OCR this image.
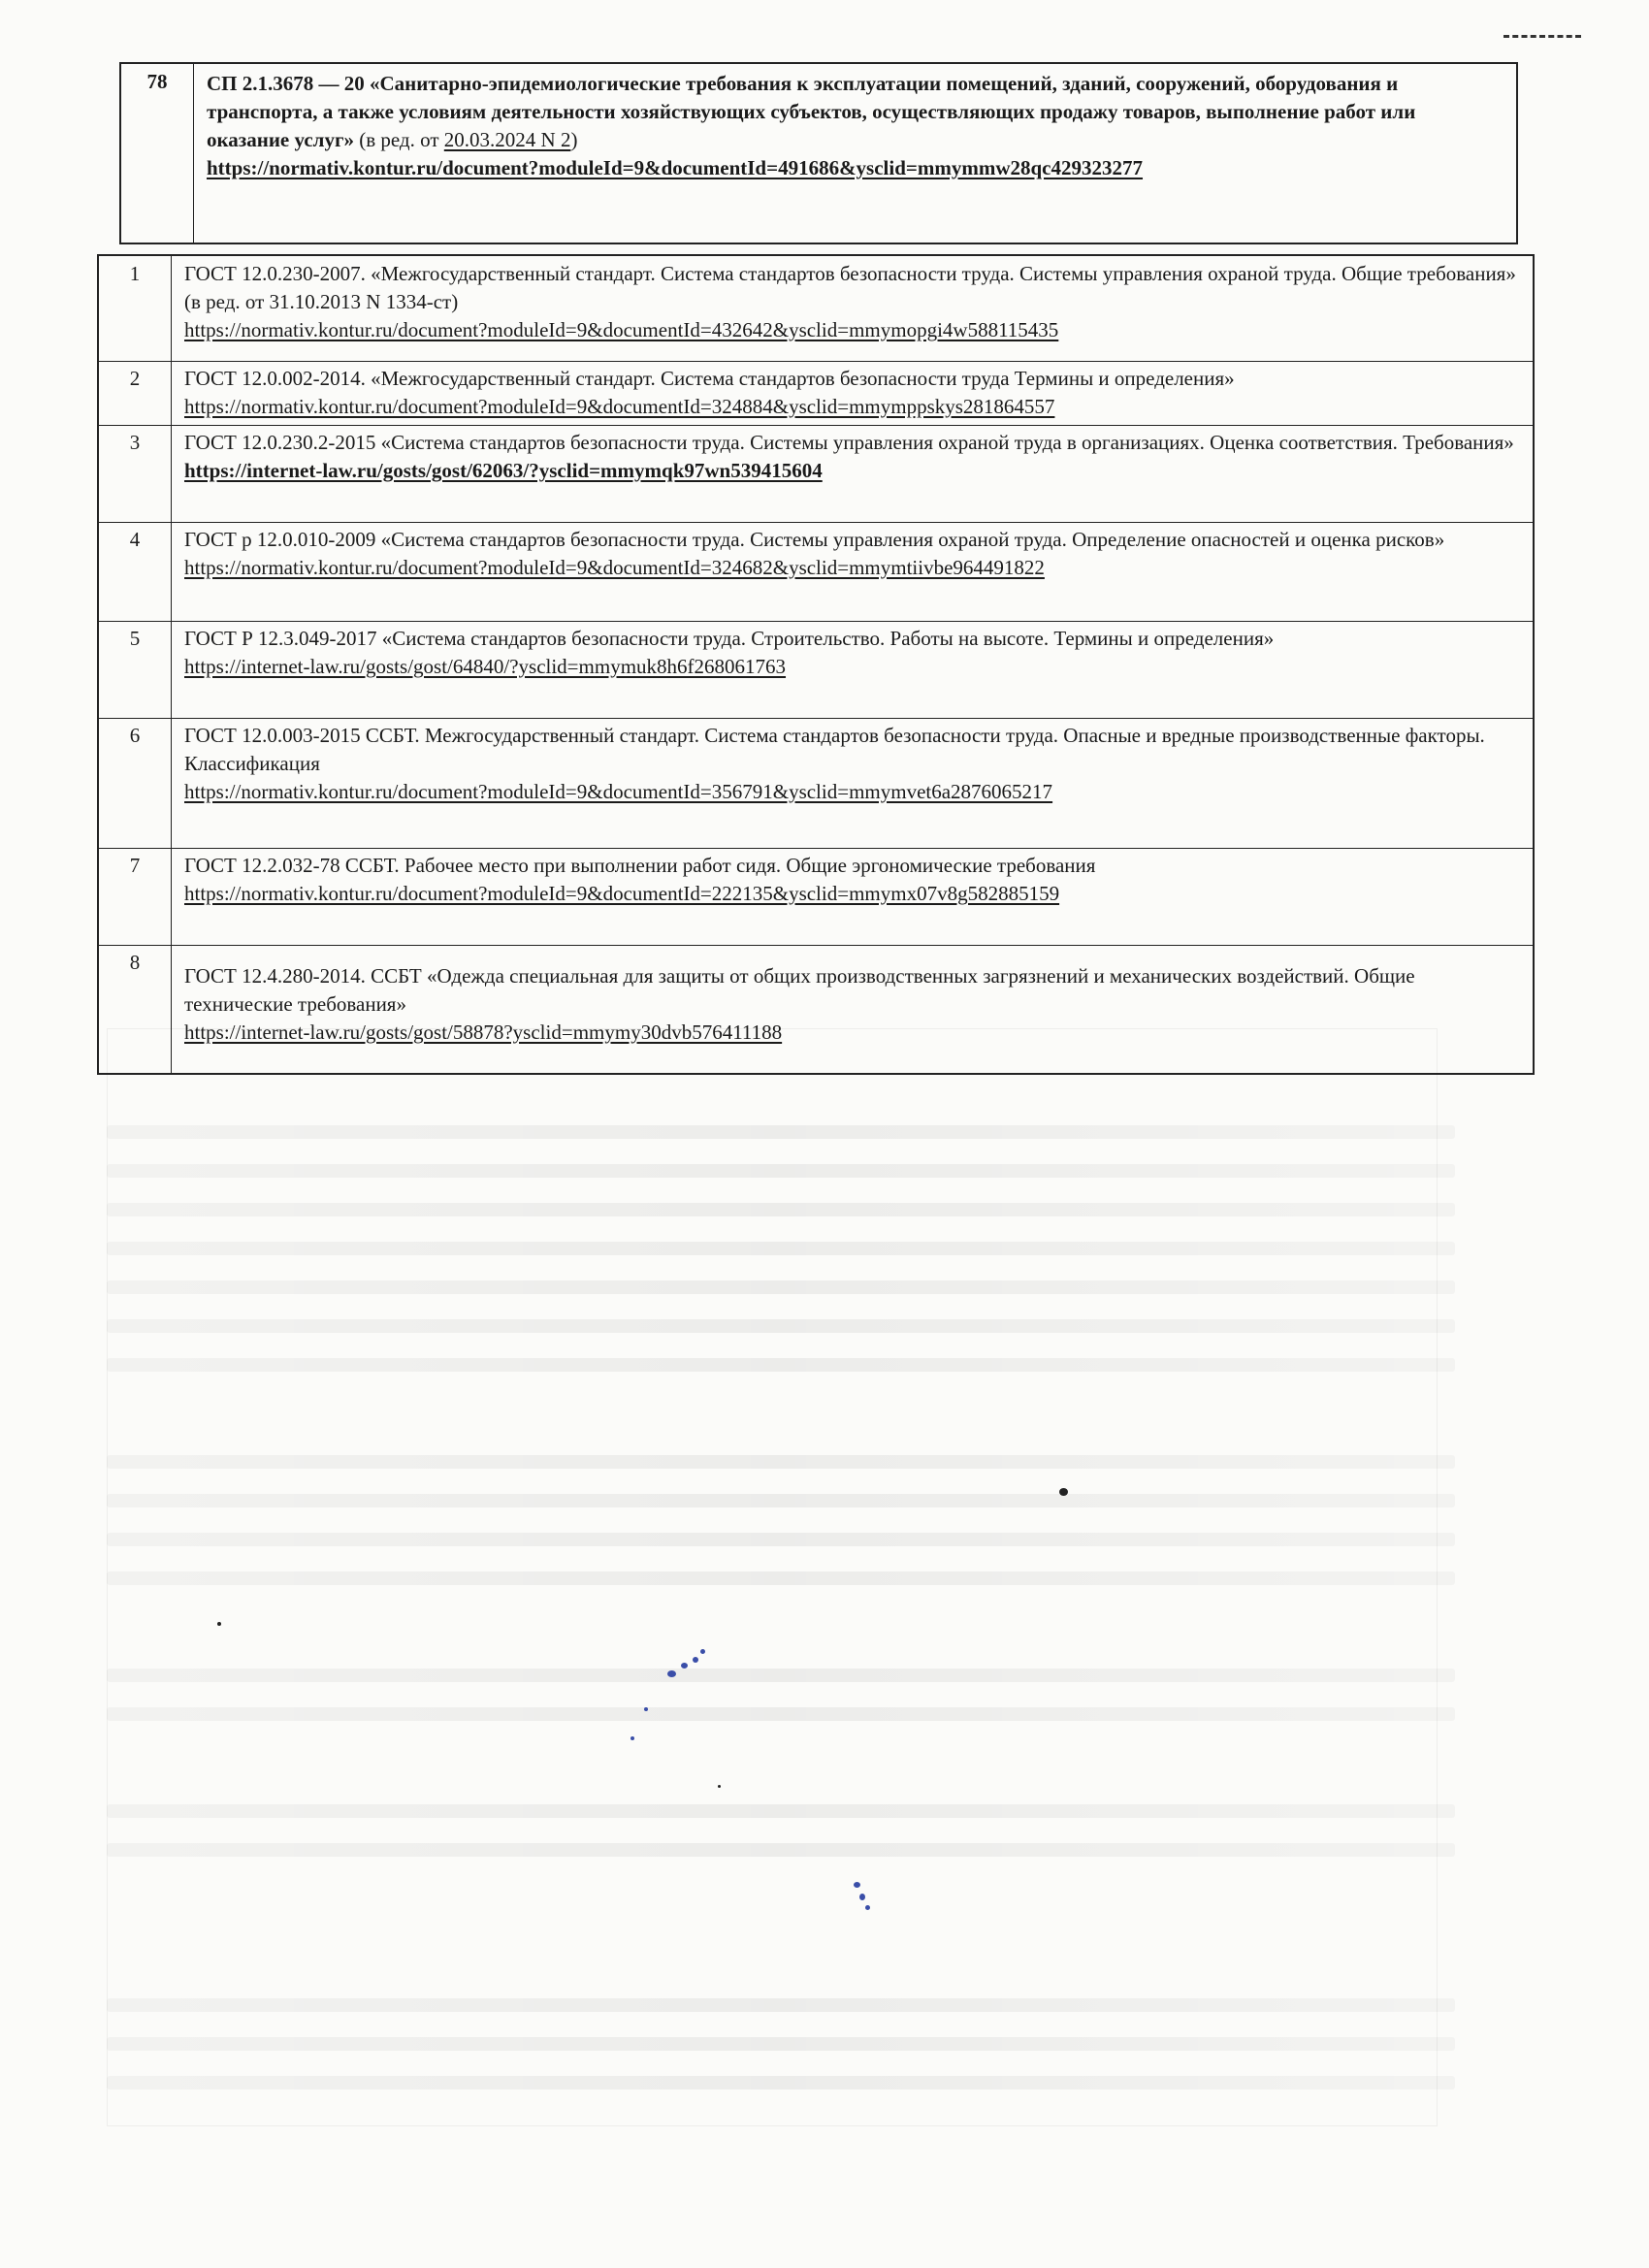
78	СП 2.1.3678 — 20 «Санитарно-эпидемиологические требования к эксплуатации помещений, зданий, сооружений, оборудования и транспорта, а также условиям деятельности хозяйствующих субъектов, осуществляющих продажу товаров, выполнение работ или оказание услуг» (в ред. от 20.03.2024 N 2)
https://normativ.kontur.ru/document?moduleId=9&documentId=491686&ysclid=mmymmw28qc429323277
1	ГОСТ 12.0.230-2007. «Межгосударственный стандарт. Система стандартов безопасности труда. Системы управления охраной труда. Общие требования» (в ред. от 31.10.2013 N 1334-ст)
https://normativ.kontur.ru/document?moduleId=9&documentId=432642&ysclid=mmymopgi4w588115435
2	ГОСТ 12.0.002-2014. «Межгосударственный стандарт. Система стандартов безопасности труда Термины и определения»
https://normativ.kontur.ru/document?moduleId=9&documentId=324884&ysclid=mmymppskys281864557
3	ГОСТ 12.0.230.2-2015 «Система стандартов безопасности труда. Системы управления охраной труда в организациях. Оценка соответствия. Требования»
https://internet-law.ru/gosts/gost/62063/?ysclid=mmymqk97wn539415604
4	ГОСТ р 12.0.010-2009 «Система стандартов безопасности труда. Системы управления охраной труда. Определение опасностей и оценка рисков»
https://normativ.kontur.ru/document?moduleId=9&documentId=324682&ysclid=mmymtiivbe964491822
5	ГОСТ Р 12.3.049-2017 «Система стандартов безопасности труда. Строительство. Работы на высоте. Термины и определения»
https://internet-law.ru/gosts/gost/64840/?ysclid=mmymuk8h6f268061763
6	ГОСТ 12.0.003-2015 ССБТ. Межгосударственный стандарт. Система стандартов безопасности труда. Опасные и вредные производственные факторы. Классификация
https://normativ.kontur.ru/document?moduleId=9&documentId=356791&ysclid=mmymvet6a2876065217
7	ГОСТ 12.2.032-78 ССБТ. Рабочее место при выполнении работ сидя. Общие эргономические требования
https://normativ.kontur.ru/document?moduleId=9&documentId=222135&ysclid=mmymx07v8g582885159
8
ГОСТ 12.4.280-2014. ССБТ «Одежда специальная для защиты от общих производственных загрязнений и механических воздействий. Общие технические требования»
https://internet-law.ru/gosts/gost/58878?ysclid=mmymy30dvb576411188
